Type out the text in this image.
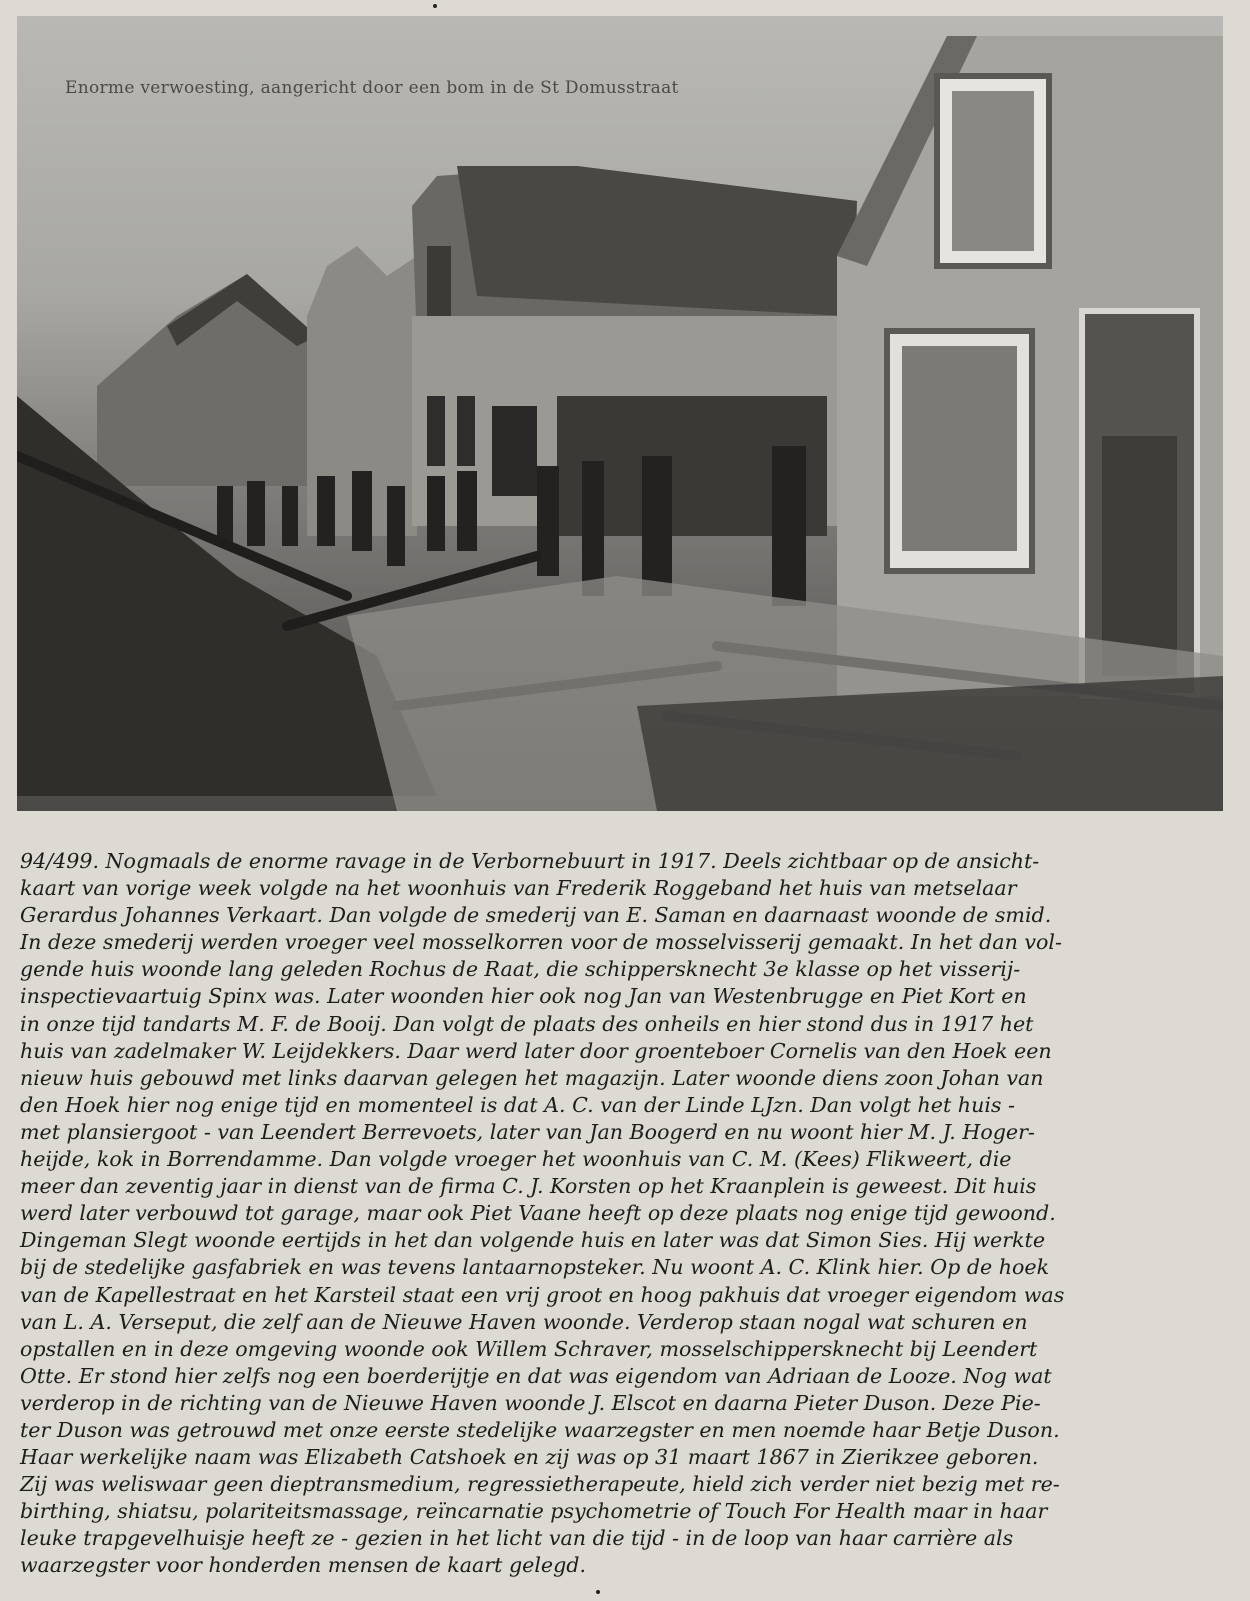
Enorme verwoesting, aangericht door een bom in de St Domusstraat

94/499. Nogmaals de enorme ravage in de Verbornebuurt in 1917. Deels zichtbaar op de ansicht-
kaart van vorige week volgde na het woonhuis van Frederik Roggeband het huis van metselaar
Gerardus Johannes Verkaart. Dan volgde de smederij van E. Saman en daarnaast woonde de smid.
In deze smederij werden vroeger veel mosselkorren voor de mosselvisserij gemaakt. In het dan vol-
gende huis woonde lang geleden Rochus de Raat, die schippersknecht 3e klasse op het visserij-
inspectievaartuig Spinx was. Later woonden hier ook nog Jan van Westenbrugge en Piet Kort en
in onze tijd tandarts M. F. de Booij. Dan volgt de plaats des onheils en hier stond dus in 1917 het
huis van zadelmaker W. Leijdekkers. Daar werd later door groenteboer Cornelis van den Hoek een
nieuw huis gebouwd met links daarvan gelegen het magazijn. Later woonde diens zoon Johan van
den Hoek hier nog enige tijd en momenteel is dat A. C. van der Linde LJzn. Dan volgt het huis -
met plansiergoot - van Leendert Berrevoets, later van Jan Boogerd en nu woont hier M. J. Hoger-
heijde, kok in Borrendamme. Dan volgde vroeger het woonhuis van C. M. (Kees) Flikweert, die
meer dan zeventig jaar in dienst van de firma C. J. Korsten op het Kraanplein is geweest. Dit huis
werd later verbouwd tot garage, maar ook Piet Vaane heeft op deze plaats nog enige tijd gewoond.
Dingeman Slegt woonde eertijds in het dan volgende huis en later was dat Simon Sies. Hij werkte
bij de stedelijke gasfabriek en was tevens lantaarnopsteker. Nu woont A. C. Klink hier. Op de hoek
van de Kapellestraat en het Karsteil staat een vrij groot en hoog pakhuis dat vroeger eigendom was
van L. A. Verseput, die zelf aan de Nieuwe Haven woonde. Verderop staan nogal wat schuren en
opstallen en in deze omgeving woonde ook Willem Schraver, mosselschippersknecht bij Leendert
Otte. Er stond hier zelfs nog een boerderijtje en dat was eigendom van Adriaan de Looze. Nog wat
verderop in de richting van de Nieuwe Haven woonde J. Elscot en daarna Pieter Duson. Deze Pie-
ter Duson was getrouwd met onze eerste stedelijke waarzegster en men noemde haar Betje Duson.
Haar werkelijke naam was Elizabeth Catshoek en zij was op 31 maart 1867 in Zierikzee geboren.
Zij was weliswaar geen dieptransmedium, regressietherapeute, hield zich verder niet bezig met re-
birthing, shiatsu, polariteitsmassage, reïncarnatie psychometrie of Touch For Health maar in haar
leuke trapgevelhuisje heeft ze - gezien in het licht van die tijd - in de loop van haar carrière als
waarzegster voor honderden mensen de kaart gelegd.
